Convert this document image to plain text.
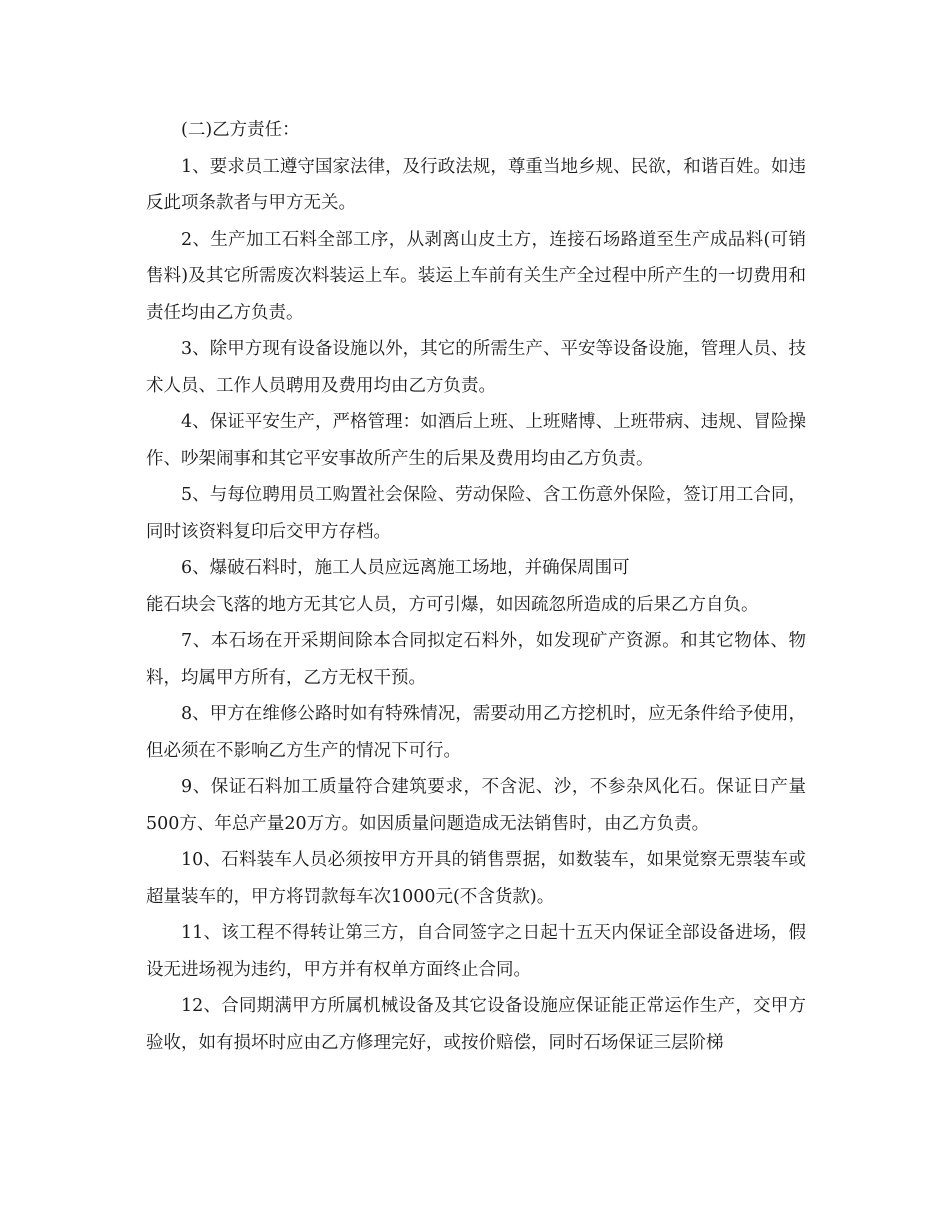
(二)乙方责任：

1、要求员工遵守国家法律，及行政法规，尊重当地乡规、民欲，和谐百姓。如违反此项条款者与甲方无关。

2、生产加工石料全部工序，从剥离山皮土方，连接石场路道至生产成品料(可销售料)及其它所需废次料装运上车。装运上车前有关生产全过程中所产生的一切费用和责任均由乙方负责。

3、除甲方现有设备设施以外，其它的所需生产、平安等设备设施，管理人员、技术人员、工作人员聘用及费用均由乙方负责。

4、保证平安生产，严格管理：如酒后上班、上班赌博、上班带病、违规、冒险操作、吵架闹事和其它平安事故所产生的后果及费用均由乙方负责。

5、与每位聘用员工购置社会保险、劳动保险、含工伤意外保险，签订用工合同，同时该资料复印后交甲方存档。

6、爆破石料时，施工人员应远离施工场地，并确保周围可

能石块会飞落的地方无其它人员，方可引爆，如因疏忽所造成的后果乙方自负。

7、本石场在开采期间除本合同拟定石料外，如发现矿产资源。和其它物体、物料，均属甲方所有，乙方无权干预。

8、甲方在维修公路时如有特殊情况，需要动用乙方挖机时，应无条件给予使用，但必须在不影响乙方生产的情况下可行。

9、保证石料加工质量符合建筑要求，不含泥、沙，不参杂风化石。保证日产量500方、年总产量20万方。如因质量问题造成无法销售时，由乙方负责。

10、石料装车人员必须按甲方开具的销售票据，如数装车，如果觉察无票装车或超量装车的，甲方将罚款每车次1000元(不含货款)。

11、该工程不得转让第三方，自合同签字之日起十五天内保证全部设备进场，假设无进场视为违约，甲方并有权单方面终止合同。

12、合同期满甲方所属机械设备及其它设备设施应保证能正常运作生产，交甲方验收，如有损坏时应由乙方修理完好，或按价赔偿，同时石场保证三层阶梯
